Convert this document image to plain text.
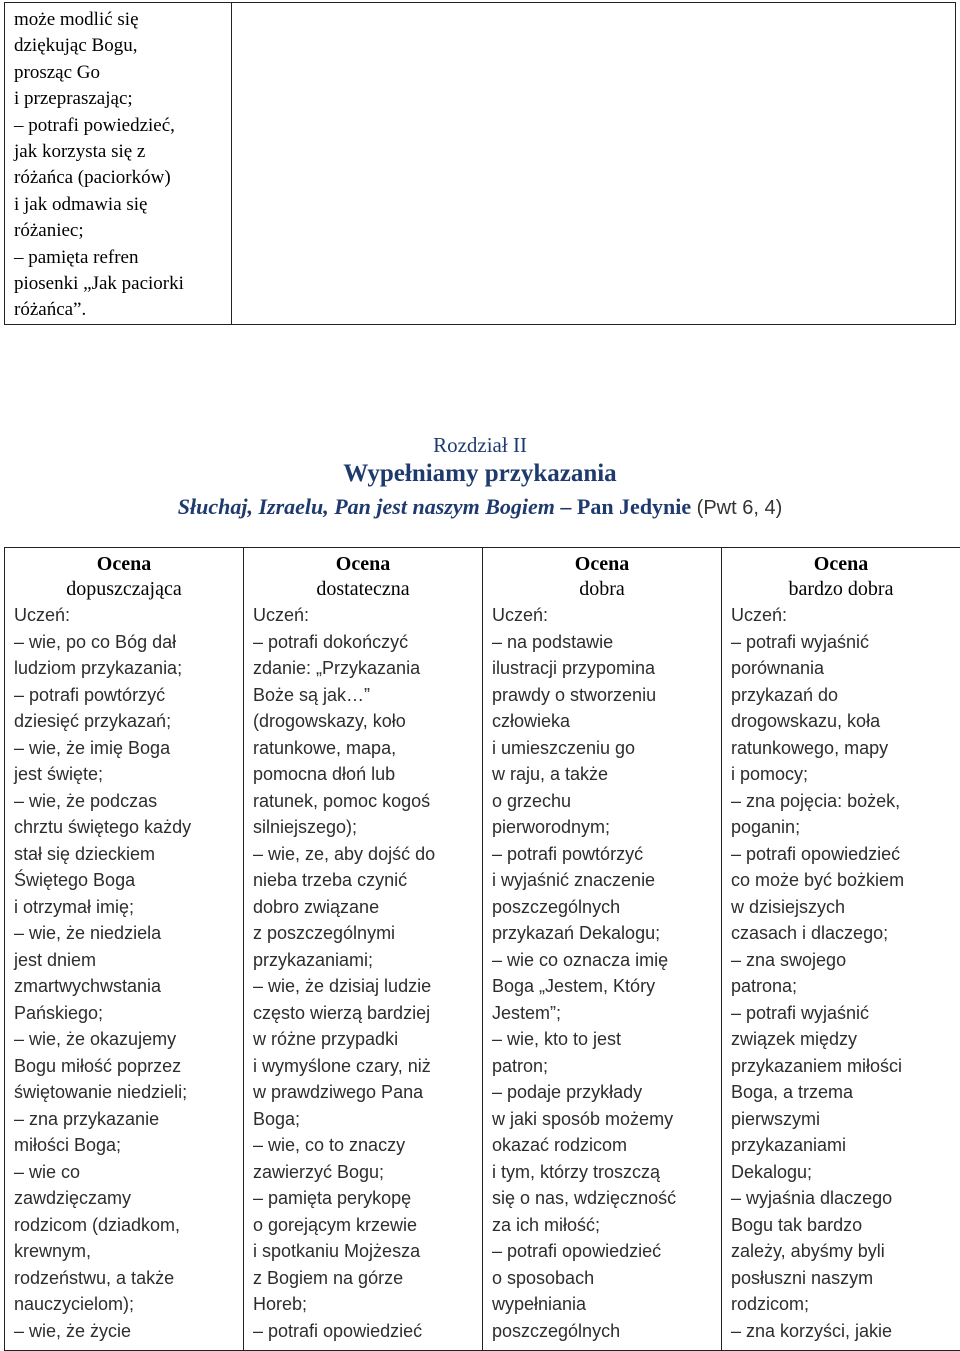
może modlić się
dziękując Bogu,
prosząc Go
i przepraszając;
– potrafi powiedzieć,
jak korzysta się z
różańca (paciorków)
i jak odmawia się
różaniec;
– pamięta refren
piosenki „Jak paciorki
różańca”.

Rozdział II
Wypełniamy przykazania
Słuchaj, Izraelu, Pan jest naszym Bogiem – Pan Jedynie (Pwt 6, 4)
Ocena
dopuszczająca
Uczeń:
– wie, po co Bóg dał
ludziom przykazania;
– potrafi powtórzyć
dziesięć przykazań;
– wie, że imię Boga
jest święte;
– wie, że podczas
chrztu świętego każdy
stał się dzieckiem
Świętego Boga
i otrzymał imię;
– wie, że niedziela
jest dniem
zmartwychwstania
Pańskiego;
– wie, że okazujemy
Bogu miłość poprzez
świętowanie niedzieli;
– zna przykazanie
miłości Boga;
– wie co
zawdzięczamy
rodzicom (dziadkom,
krewnym,
rodzeństwu, a także
nauczycielom);
– wie, że życie

Ocena
dostateczna
Uczeń:
– potrafi dokończyć
zdanie: „Przykazania
Boże są jak…”
(drogowskazy, koło
ratunkowe, mapa,
pomocna dłoń lub
ratunek, pomoc kogoś
silniejszego);
– wie, ze, aby dojść do
nieba trzeba czynić
dobro związane
z poszczególnymi
przykazaniami;
– wie, że dzisiaj ludzie
często wierzą bardziej
w różne przypadki
i wymyślone czary, niż
w prawdziwego Pana
Boga;
– wie, co to znaczy
zawierzyć Bogu;
– pamięta perykopę
o gorejącym krzewie
i spotkaniu Mojżesza
z Bogiem na górze
Horeb;
– potrafi opowiedzieć

Ocena
dobra
Uczeń:
– na podstawie
ilustracji przypomina
prawdy o stworzeniu
człowieka
i umieszczeniu go
w raju, a także
o grzechu
pierworodnym;
– potrafi powtórzyć
i wyjaśnić znaczenie
poszczególnych
przykazań Dekalogu;
– wie co oznacza imię
Boga „Jestem, Który
Jestem”;
– wie, kto to jest
patron;
– podaje przykłady
w jaki sposób możemy
okazać rodzicom
i tym, którzy troszczą
się o nas, wdzięczność
za ich miłość;
– potrafi opowiedzieć
o sposobach
wypełniania
poszczególnych

Ocena
bardzo dobra
Uczeń:
– potrafi wyjaśnić
porównania
przykazań do
drogowskazu, koła
ratunkowego, mapy
i pomocy;
– zna pojęcia: bożek,
poganin;
– potrafi opowiedzieć
co może być bożkiem
w dzisiejszych
czasach i dlaczego;
– zna swojego
patrona;
– potrafi wyjaśnić
związek między
przykazaniem miłości
Boga, a trzema
pierwszymi
przykazaniami
Dekalogu;
– wyjaśnia dlaczego
Bogu tak bardzo
zależy, abyśmy byli
posłuszni naszym
rodzicom;
– zna korzyści, jakie
